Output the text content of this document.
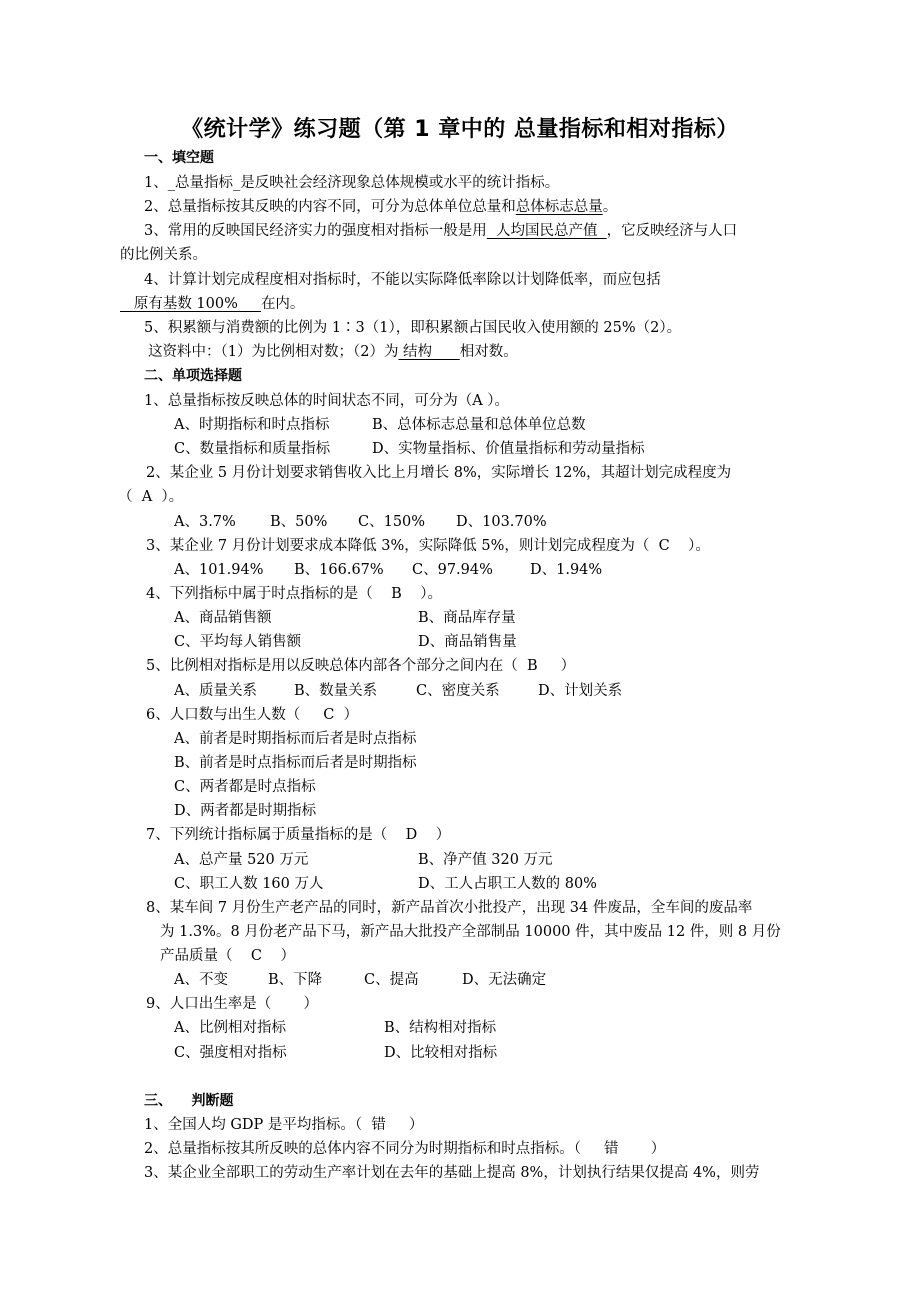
《统计学》练习题（第 1 章中的 总量指标和相对指标）
一、填空题
1、_总量指标_是反映社会经济现象总体规模或水平的统计指标。
2、总量指标按其反映的内容不同，可分为总体单位总量和总体标志总量。
3、常用的反映国民经济实力的强度相对指标一般是用  人均国民总产值  ，它反映经济与人口
的比例关系。
4、计算计划完成程度相对指标时，不能以实际降低率除以计划降低率，而应包括
原有基数 100%     在内。
5、积累额与消费额的比例为 1∶3（1），即积累额占国民收入使用额的 25%（2）。
这资料中：（1）为比例相对数；（2）为 结构      相对数。
二、单项选择题
1、总量指标按反映总体的时间状态不同，可分为（A ）。
A、时期指标和时点指标	B、总体标志总量和总体单位总数
C、数量指标和质量指标	D、实物量指标、价值量指标和劳动量指标
2、某企业 5 月份计划要求销售收入比上月增长 8%，实际增长 12%，其超计划完成程度为
（  A  ）。
A、3.7% B、50% C、150% D、103.70%
3、某企业 7 月份计划要求成本降低 3%，实际降低 5%，则计划完成程度为（  C    ）。
A、101.94% B、166.67% C、97.94%	D、1.94%
4、下列指标中属于时点指标的是（    B    ）。
A、商品销售额	B、商品库存量
C、平均每人销售额	D、商品销售量
5、比例相对指标是用以反映总体内部各个部分之间内在（  B     ）
A、质量关系	B、数量关系	C、密度关系	D、计划关系
6、人口数与出生人数（     C  ）
A、前者是时期指标而后者是时点指标
B、前者是时点指标而后者是时期指标
C、两者都是时点指标
D、两者都是时期指标
7、下列统计指标属于质量指标的是（    D    ）
A、总产量 520 万元	B、净产值 320 万元
C、职工人数 160 万人	D、工人占职工人数的 80%
8、某车间 7 月份生产老产品的同时，新产品首次小批投产，出现 34 件废品，全车间的废品率
为 1.3%。8 月份老产品下马，新产品大批投产全部制品 10000 件，其中废品 12 件，则 8 月份
产品质量（    C    ）
A、不变	B、下降	C、提高	D、无法确定
9、人口出生率是（       ）
A、比例相对指标	B、结构相对指标
C、强度相对指标	D、比较相对指标
三、    判断题
1、全国人均 GDP 是平均指标。（  错     ）
2、总量指标按其所反映的总体内容不同分为时期指标和时点指标。（     错       ）
3、某企业全部职工的劳动生产率计划在去年的基础上提高 8%，计划执行结果仅提高 4%，则劳
